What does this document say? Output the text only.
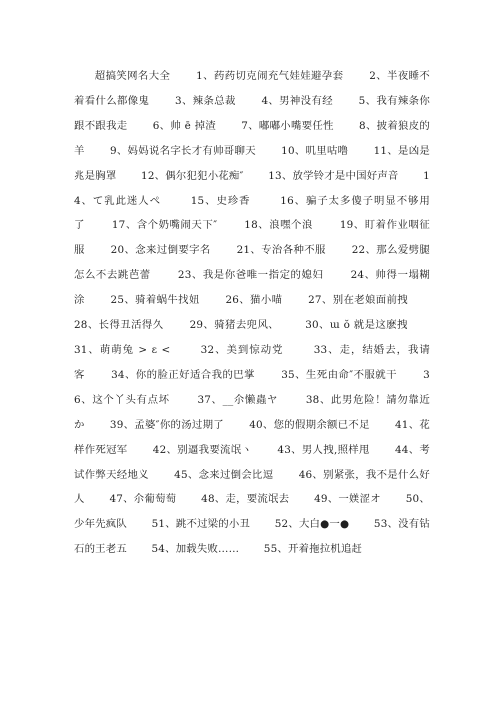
超搞笑网名大全 1、药药切克闹充气娃娃避孕套 2、半夜睡不着看什么都像鬼 3、辣条总裁 4、男神没有经 5、我有辣条你跟不跟我走 6、帅 ē 掉渣 7、嘟嘟小嘴要任性 8、披着狼皮的羊 9、妈妈说名字长才有帅哥聊天 10、叽里咕噜 11、是凶是兆是胸罩 12、偶尔犯犯小花痴″ 13、放学铃才是中国好声音 14、て乳此迷人ぺ	15、史珍香	16、骗子太多傻子明显不够用了	17、含个奶嘴闹天下″	18、浪嘿个浪	19、盯着作业咽征服 20、念来过倒要字名 21、专治各种不服 22、那么爱劈腿怎么不去跳芭蕾	23、我是你爸唯一指定的媳妇	24、帅得一塌糊涂 25、骑着蜗牛找妞 26、猫小喵 27、别在老娘面前拽       28、长得丑活得久	29、骑猪去兜风、	30、ɯ ŏ 就是这麽拽       31、萌萌兔 > ε <	32、美到惊动党	33、走，结婚去，我请客	34、你的脸正好适合我的巴掌	35、生死由命″不服就干	36、这个丫头有点坏	37、__尒懒蟲ヤ	38、此男危险！請勿靠近か 39、孟婆″你的汤过期了 40、您的假期余额已不足 41、花样作死冠军 42、别逼我要流氓ヽ 43、男人拽,照样甩 44、考试作弊天经地义 45、念来过倒会比逗 46、别紧张，我不是什么好人 47、尒葡萄萄 48、走，要流氓去 49、一媄涩オ 50、少年先疯队 51、跳不过梁的小丑 52、大白●一● 53、没有钻石的王老五 54、加载失败…… 55、开着拖拉机追赶
